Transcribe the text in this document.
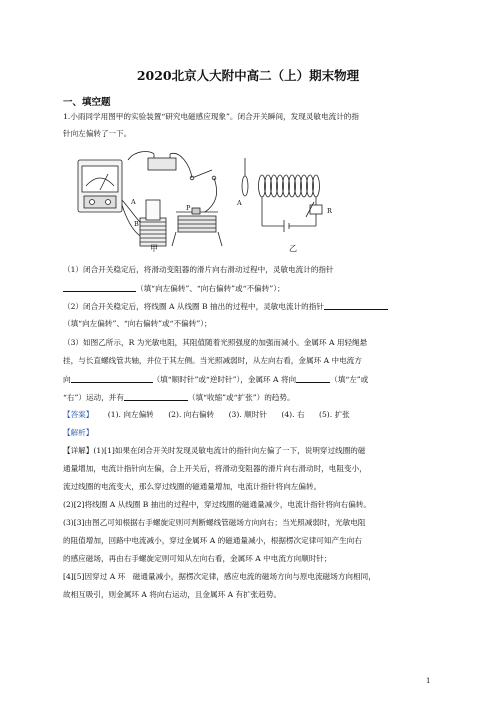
2020北京人大附中高二（上）期末物理
一、填空题
1.小雨同学用图甲的实验装置“研究电磁感应现象”。闭合开关瞬间，发现灵敏电流计的指
针向左偏转了一下。
A
B
P
A
R
甲	乙
（1）闭合开关稳定后，将滑动变阻器的滑片向右滑动过程中，灵敏电流计的指针
（填“向左偏转”、“向右偏转”或“不偏转”）；
（2）闭合开关稳定后，将线圈 A 从线圈 B 抽出的过程中，灵敏电流计的指针
（填“向左偏转”、“向右偏转”或“不偏转”）；
（3）如图乙所示，R 为光敏电阻，其阻值随着光照强度的加强而减小。金属环 A 用轻绳悬
挂，与长直螺线管共轴，并位于其左侧。当光照减弱时，从左向右看，金属环 A 中电流方
向	（填“顺时针”或“逆时针”），金属环 A 将向	（填“左”或
“右”）运动，并有	（填“收缩”或“扩张”）的趋势。
【答案】 (1). 向左偏转 (2). 向右偏转 (3). 顺时针 (4). 右 (5). 扩张
【解析】
【详解】(1)[1]如果在闭合开关时发现灵敏电流计的指针向左偏了一下，说明穿过线圈的磁
通量增加，电流计指针向左偏，合上开关后，将滑动变阻器的滑片向右滑动时，电阻变小，
流过线圈的电流变大，那么穿过线圈的磁通量增加，电流计指针将向左偏转。
(2)[2]将线圈 A 从线圈 B 抽出的过程中，穿过线圈的磁通量减少，电流计指针将向右偏转。
(3)[3]由图乙可知根据右手螺旋定则可判断螺线管磁场方向向右；当光照减弱时，光敏电阻
的阻值增加，回路中电流减小，穿过金属环 A 的磁通量减小，根据楞次定律可知产生向右
的感应磁场，再由右手螺旋定则可知从左向右看，金属环 A 中电流方向顺时针；
[4][5]因穿过 A 环　磁通量减小，据楞次定律，感应电流的磁场方向与原电流磁场方向相同，
故相互吸引，则金属环 A 将向右运动，且金属环 A 有扩张趋势。
1
